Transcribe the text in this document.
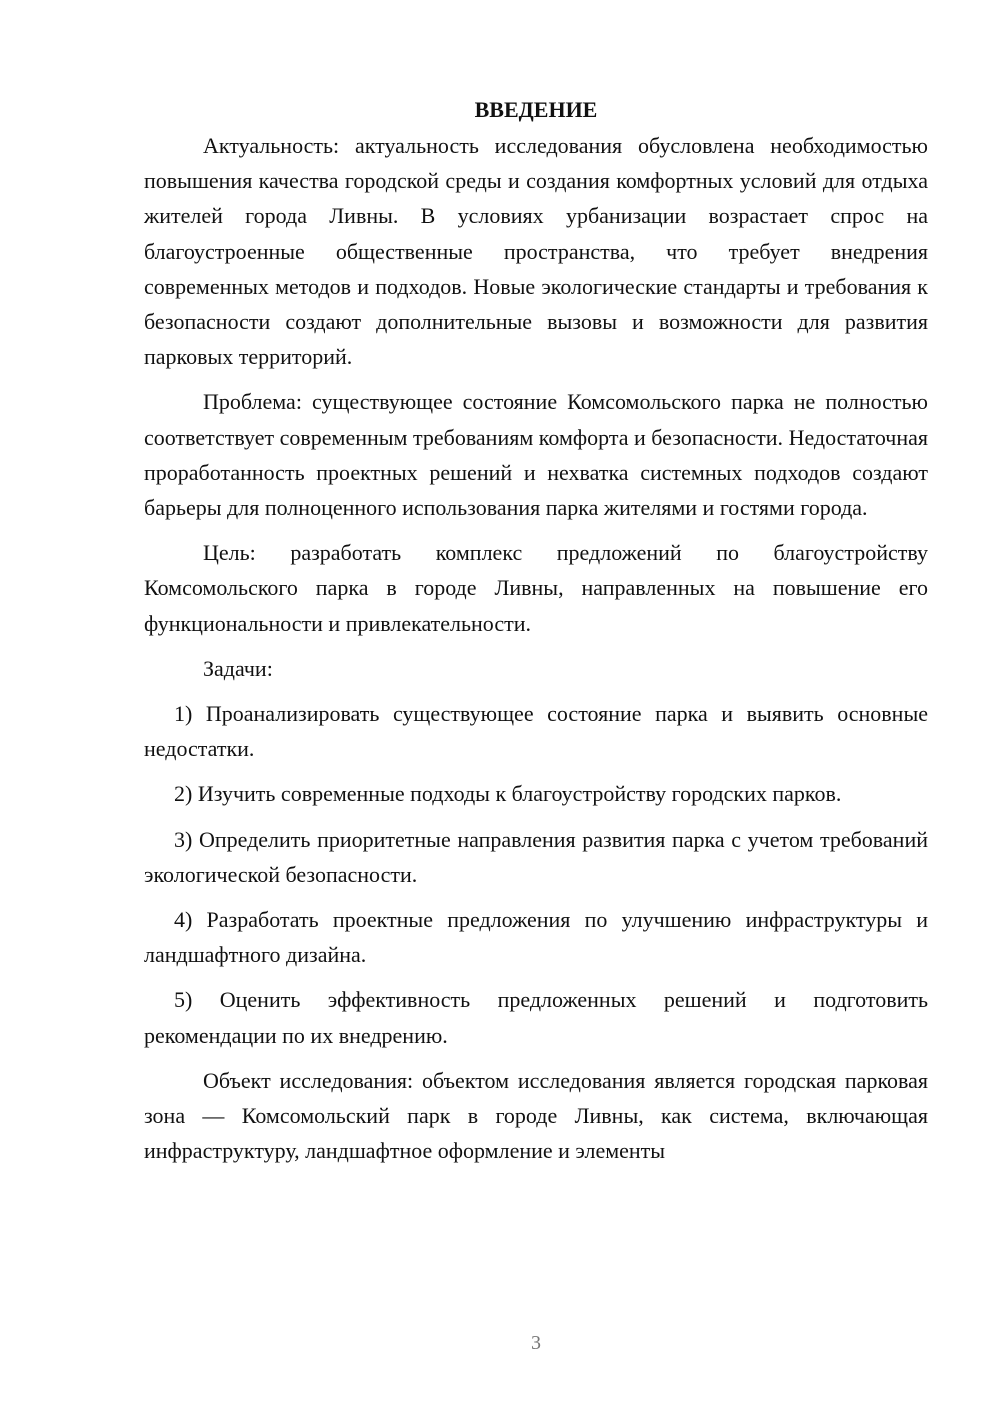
ВВЕДЕНИЕ

Актуальность: актуальность исследования обусловлена необходимостью повышения качества городской среды и создания комфортных условий для отдыха жителей города Ливны. В условиях урбанизации возрастает спрос на благоустроенные общественные пространства, что требует внедрения современных методов и подходов. Новые экологические стандарты и требования к безопасности создают дополнительные вызовы и возможности для развития парковых территорий.

Проблема: существующее состояние Комсомольского парка не полностью соответствует современным требованиям комфорта и безопасности. Недостаточная проработанность проектных решений и нехватка системных подходов создают барьеры для полноценного использования парка жителями и гостями города.

Цель: разработать комплекс предложений по благоустройству Комсомольского парка в городе Ливны, направленных на повышение его функциональности и привлекательности.

Задачи:

1) Проанализировать существующее состояние парка и выявить основные недостатки.

2) Изучить современные подходы к благоустройству городских парков.

3) Определить приоритетные направления развития парка с учетом требований экологической безопасности.

4) Разработать проектные предложения по улучшению инфраструктуры и ландшафтного дизайна.

5) Оценить эффективность предложенных решений и подготовить рекомендации по их внедрению.

Объект исследования: объектом исследования является городская парковая зона — Комсомольский парк в городе Ливны, как система, включающая инфраструктуру, ландшафтное оформление и элементы

3
